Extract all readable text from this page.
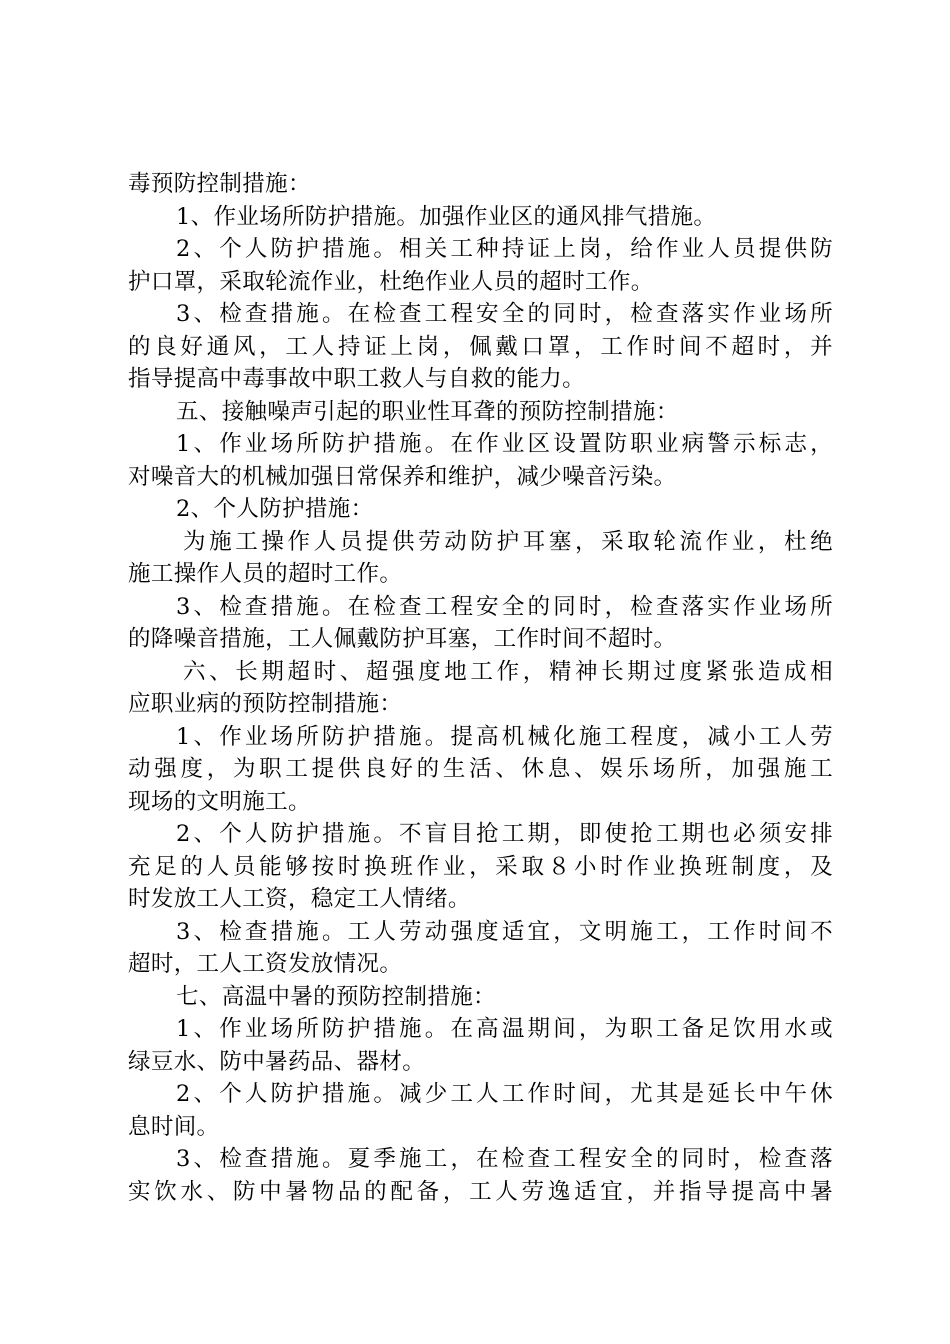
毒预防控制措施：
1、作业场所防护措施。加强作业区的通风排气措施。
2、个人防护措施。相关工种持证上岗，给作业人员提供防
护口罩，采取轮流作业，杜绝作业人员的超时工作。
3、检查措施。在检查工程安全的同时，检查落实作业场所
的良好通风，工人持证上岗，佩戴口罩，工作时间不超时，并
指导提高中毒事故中职工救人与自救的能力。
五、接触噪声引起的职业性耳聋的预防控制措施：
1、作业场所防护措施。在作业区设置防职业病警示标志，
对噪音大的机械加强日常保养和维护，减少噪音污染。
2、个人防护措施：
为施工操作人员提供劳动防护耳塞，采取轮流作业，杜绝
施工操作人员的超时工作。
3、检查措施。在检查工程安全的同时，检查落实作业场所
的降噪音措施，工人佩戴防护耳塞，工作时间不超时。
六、长期超时、超强度地工作，精神长期过度紧张造成相
应职业病的预防控制措施：
1、作业场所防护措施。提高机械化施工程度，减小工人劳
动强度，为职工提供良好的生活、休息、娱乐场所，加强施工
现场的文明施工。
2、个人防护措施。不盲目抢工期，即使抢工期也必须安排
充足的人员能够按时换班作业，采取８小时作业换班制度，及
时发放工人工资，稳定工人情绪。
3、检查措施。工人劳动强度适宜，文明施工，工作时间不
超时，工人工资发放情况。
七、高温中暑的预防控制措施：
1、作业场所防护措施。在高温期间，为职工备足饮用水或
绿豆水、防中暑药品、器材。
2、个人防护措施。减少工人工作时间，尤其是延长中午休
息时间。
3、检查措施。夏季施工，在检查工程安全的同时，检查落
实饮水、防中暑物品的配备，工人劳逸适宜，并指导提高中暑
